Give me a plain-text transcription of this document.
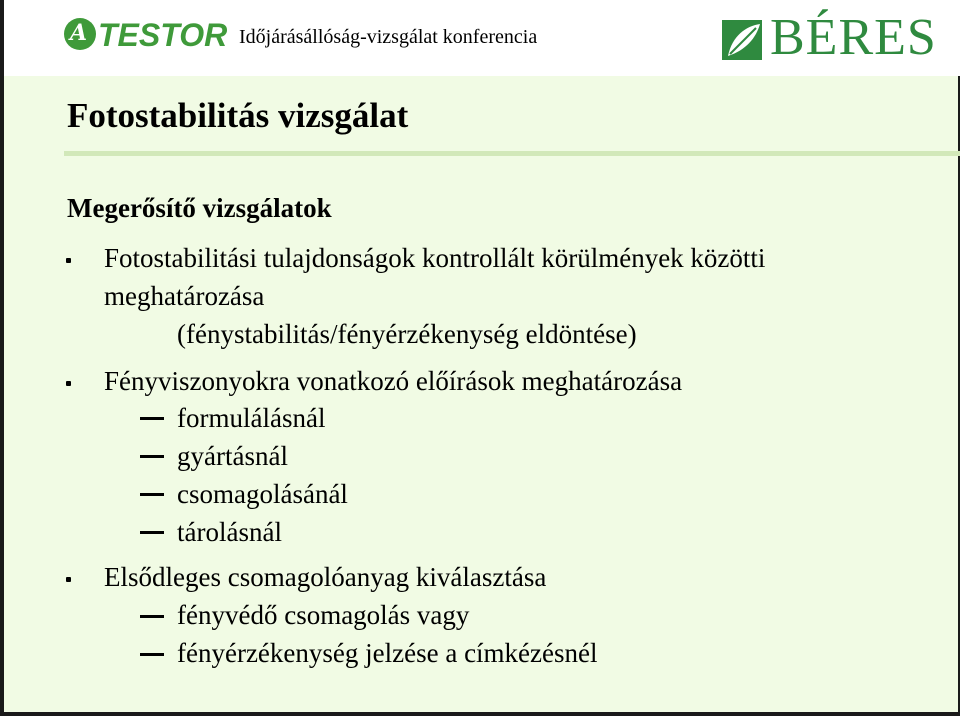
A TESTOR Időjárásállóság-vizsgálat konferencia	BÉRES
Fotostabilitás vizsgálat
Megerősítő vizsgálatok
Fotostabilitási tulajdonságok kontrollált körülmények közötti
meghatározása
(fénystabilitás/fényérzékenység eldöntése)
Fényviszonyokra vonatkozó előírások meghatározása
formulálásnál
gyártásnál
csomagolásánál
tárolásnál
Elsődleges csomagolóanyag kiválasztása
fényvédő csomagolás vagy
fényérzékenység jelzése a címkézésnél
